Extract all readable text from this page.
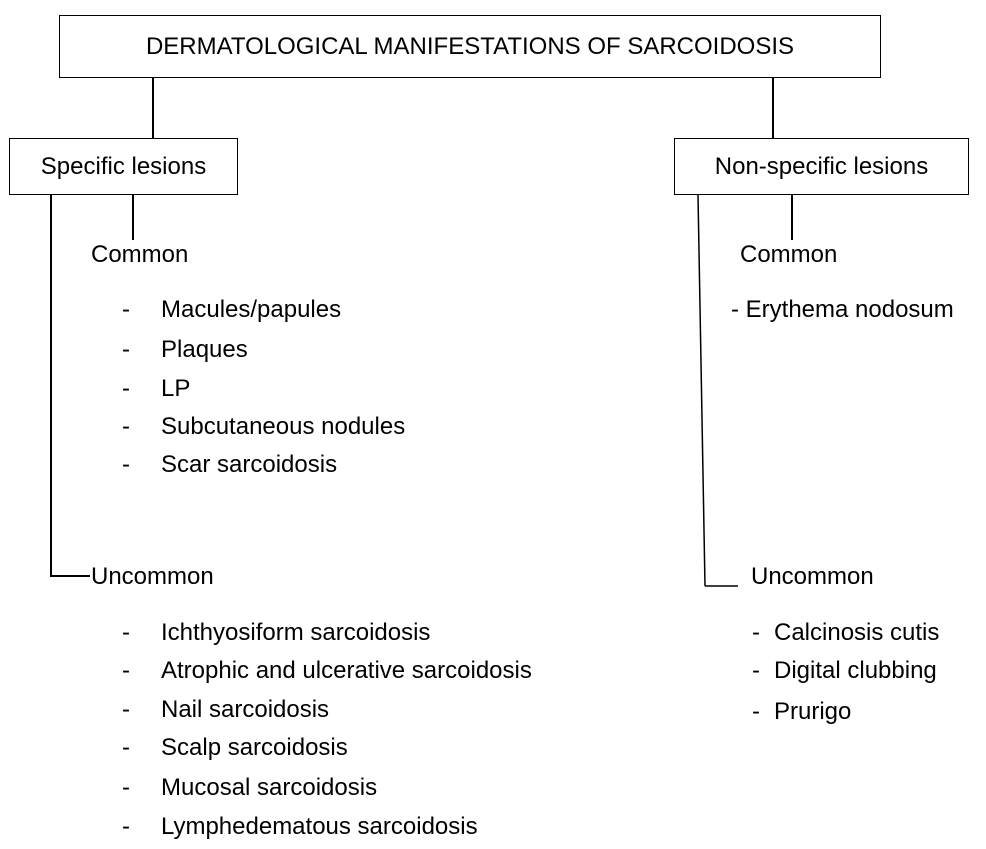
DERMATOLOGICAL MANIFESTATIONS OF SARCOIDOSIS
Specific lesions	Non-specific lesions
Common
- Macules/papules
- Plaques
- LP
- Subcutaneous nodules
- Scar sarcoidosis
Uncommon
- Ichthyosiform sarcoidosis
- Atrophic and ulcerative sarcoidosis
- Nail sarcoidosis
- Scalp sarcoidosis
- Mucosal sarcoidosis
- Lymphedematous sarcoidosis
Common
- Erythema nodosum
Uncommon
- Calcinosis cutis
- Digital clubbing
- Prurigo
